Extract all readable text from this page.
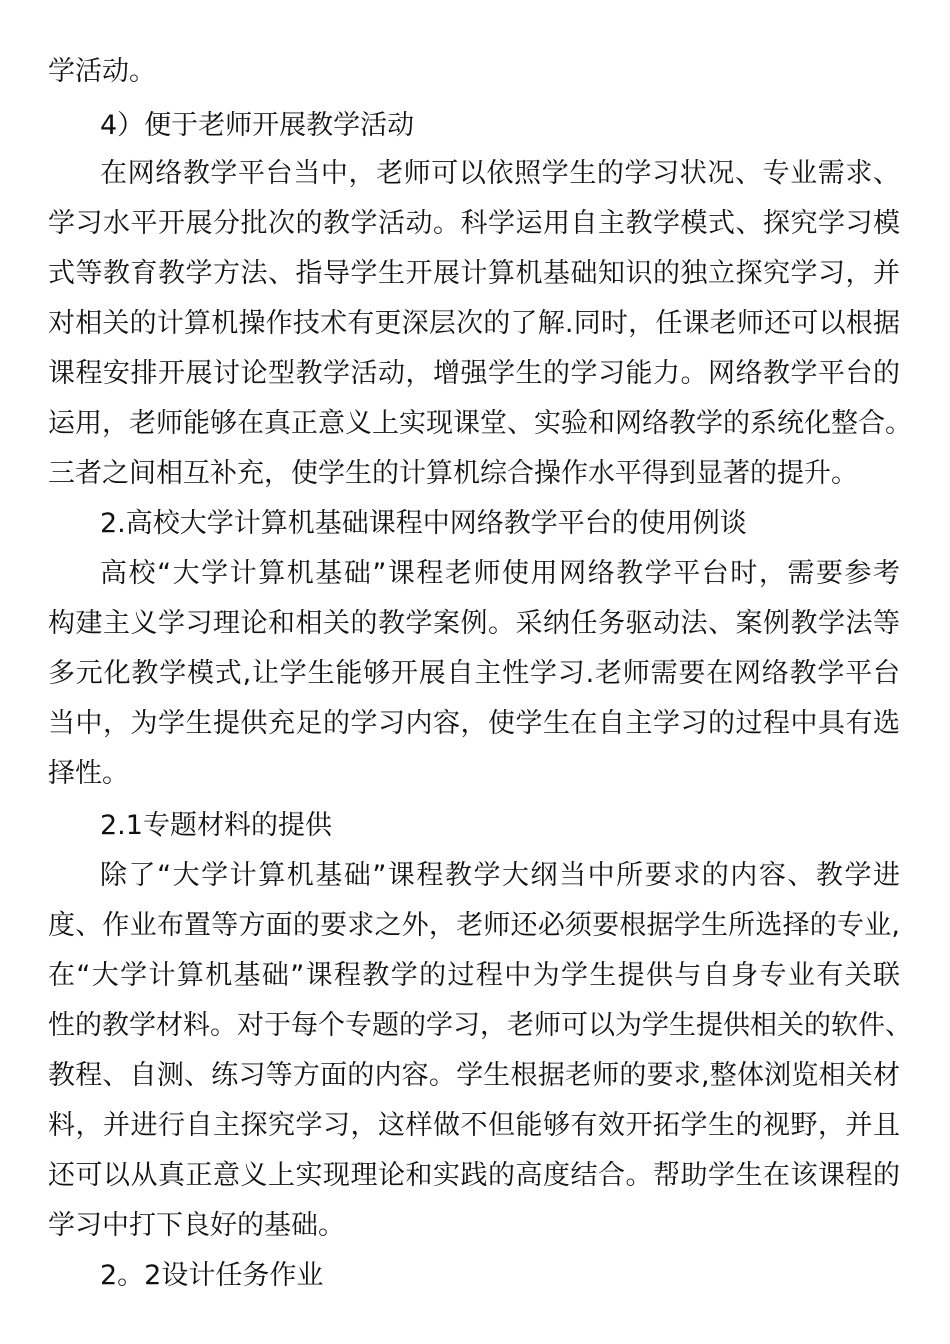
学活动。
4）便于老师开展教学活动
在网络教学平台当中，老师可以依照学生的学习状况、专业需求、
学习水平开展分批次的教学活动。科学运用自主教学模式、探究学习模
式等教育教学方法、指导学生开展计算机基础知识的独立探究学习，并
对相关的计算机操作技术有更深层次的了解.同时，任课老师还可以根据
课程安排开展讨论型教学活动，增强学生的学习能力。网络教学平台的
运用，老师能够在真正意义上实现课堂、实验和网络教学的系统化整合。
三者之间相互补充，使学生的计算机综合操作水平得到显著的提升。
2.高校大学计算机基础课程中网络教学平台的使用例谈
高校“大学计算机基础”课程老师使用网络教学平台时，需要参考
构建主义学习理论和相关的教学案例。采纳任务驱动法、案例教学法等
多元化教学模式,让学生能够开展自主性学习.老师需要在网络教学平台
当中，为学生提供充足的学习内容，使学生在自主学习的过程中具有选
择性。
2.1专题材料的提供
除了“大学计算机基础”课程教学大纲当中所要求的内容、教学进
度、作业布置等方面的要求之外，老师还必须要根据学生所选择的专业,
在“大学计算机基础”课程教学的过程中为学生提供与自身专业有关联
性的教学材料。对于每个专题的学习，老师可以为学生提供相关的软件、
教程、自测、练习等方面的内容。学生根据老师的要求,整体浏览相关材
料，并进行自主探究学习，这样做不但能够有效开拓学生的视野，并且
还可以从真正意义上实现理论和实践的高度结合。帮助学生在该课程的
学习中打下良好的基础。
2。2设计任务作业
